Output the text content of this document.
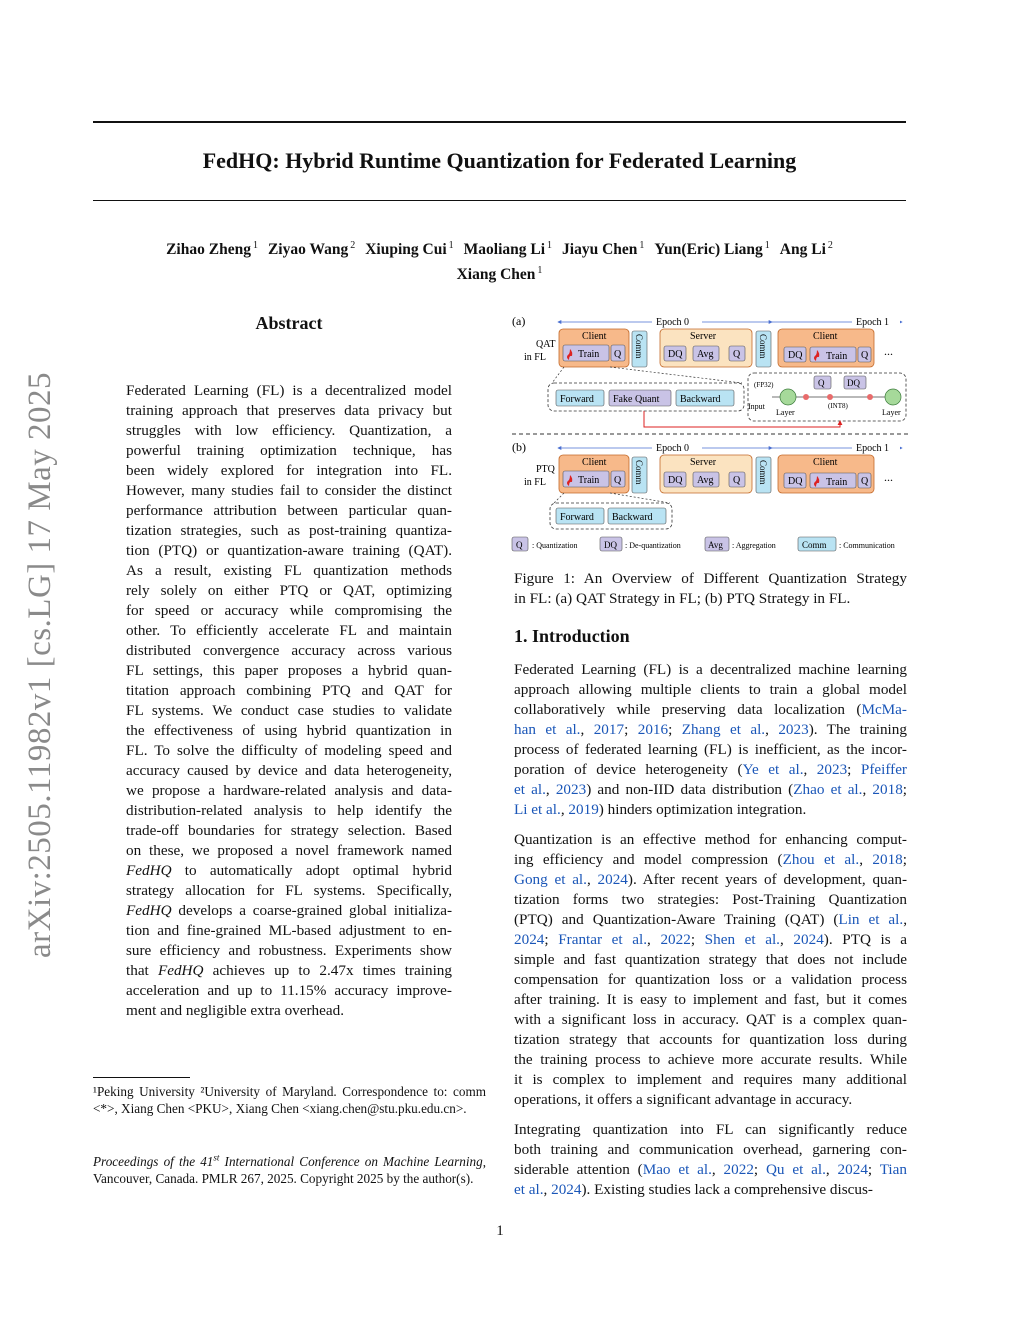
FedHQ: Hybrid Runtime Quantization for Federated Learning
Zihao Zheng $^1$ Ziyao Wang $^2$ Xiuping Cui $^1$ Maoliang Li $^1$ Jiayu Chen $^1$ Yun(Eric) Liang $^1$ Ang Li $^2$
Xiang Chen $^1$
arXiv:2505.11982v1 [cs.LG] 17 May 2025
Abstract
Federated Learning (FL) is a decentralized model
training approach that preserves data privacy but
struggles with low efficiency. Quantization, a
powerful training optimization technique, has
been widely explored for integration into FL.
However, many studies fail to consider the distinct
performance attribution between particular quan-
tization strategies, such as post-training quantiza-
tion (PTQ) or quantization-aware training (QAT).
As a result, existing FL quantization methods
rely solely on either PTQ or QAT, optimizing
for speed or accuracy while compromising the
other. To efficiently accelerate FL and maintain
distributed convergence accuracy across various
FL settings, this paper proposes a hybrid quan-
titation approach combining PTQ and QAT for
FL systems. We conduct case studies to validate
the effectiveness of using hybrid quantization in
FL. To solve the difficulty of modeling speed and
accuracy caused by device and data heterogeneity,
we propose a hardware-related analysis and data-
distribution-related analysis to help identify the
trade-off boundaries for strategy selection. Based
on these, we proposed a novel framework named
FedHQ to automatically adopt optimal hybrid
strategy allocation for FL systems. Specifically,
FedHQ develops a coarse-grained global initializa-
tion and fine-grained ML-based adjustment to en-
sure efficiency and robustness. Experiments show
that FedHQ achieves up to 2.47x times training
acceleration and up to 11.15% accuracy improve-
ment and negligible extra overhead.
¹Peking University ²University of Maryland. Correspondence to: comm <*>, Xiang Chen <PKU>, Xiang Chen <xiang.chen@stu.pku.edu.cn>.
Proceedings of the 41st International Conference on Machine Learning, Vancouver, Canada. PMLR 267, 2025. Copyright 2025 by the author(s).
(a)
QAT
in FL
Epoch 0	Epoch 1
Client
Train Q Comm	Server
DQ Avg Q Comm	Client
DQ Train Q ...
Forward Fake Quant Backward
(FP32)
Input
Q	DQ
Layer
(INT8)
Layer
(b)
PTQ
in FL
Epoch 0	Epoch 1
Client
Train Q Comm	Server
DQ Avg Q Comm	Client
DQ Train Q ...
Forward Backward
Q : Quantization	DQ : De-quantization	Avg : Aggregation	Comm : Communication
Figure 1: An Overview of Different Quantization Strategy
in FL: (a) QAT Strategy in FL; (b) PTQ Strategy in FL.
1. Introduction
Federated Learning (FL) is a decentralized machine learning
approach allowing multiple clients to train a global model
collaboratively while preserving data localization (McMa-
han et al., 2017; 2016; Zhang et al., 2023). The training
process of federated learning (FL) is inefficient, as the incor-
poration of device heterogeneity (Ye et al., 2023; Pfeiffer
et al., 2023) and non-IID data distribution (Zhao et al., 2018;
Li et al., 2019) hinders optimization integration.
Quantization is an effective method for enhancing comput-
ing efficiency and model compression (Zhou et al., 2018;
Gong et al., 2024). After recent years of development, quan-
tization forms two strategies: Post-Training Quantization
(PTQ) and Quantization-Aware Training (QAT) (Lin et al.,
2024; Frantar et al., 2022; Shen et al., 2024). PTQ is a
simple and fast quantization strategy that does not include
compensation for quantization loss or a validation process
after training. It is easy to implement and fast, but it comes
with a significant loss in accuracy. QAT is a complex quan-
tization strategy that accounts for quantization loss during
the training process to achieve more accurate results. While
it is complex to implement and requires many additional
operations, it offers a significant advantage in accuracy.
Integrating quantization into FL can significantly reduce
both training and communication overhead, garnering con-
siderable attention (Mao et al., 2022; Qu et al., 2024; Tian
et al., 2024). Existing studies lack a comprehensive discus-
1
